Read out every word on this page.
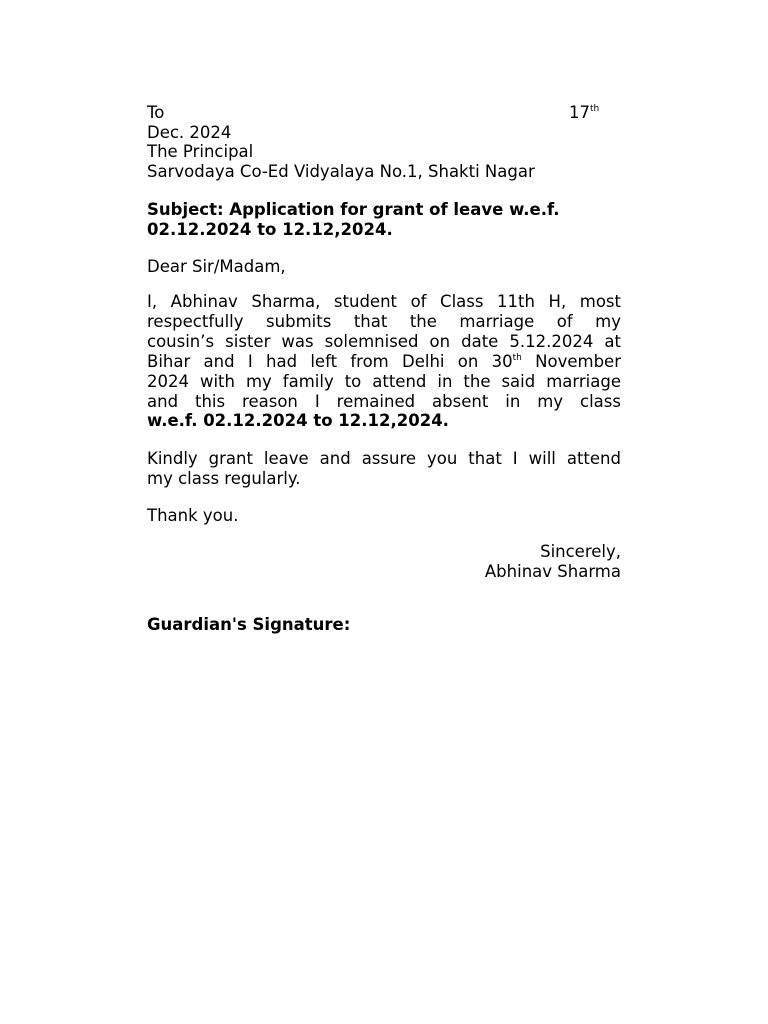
To	17th
Dec. 2024
The Principal
Sarvodaya Co-Ed Vidyalaya No.1, Shakti Nagar
Subject: Application for grant of leave w.e.f.
02.12.2024 to 12.12,2024.
Dear Sir/Madam,
I, Abhinav Sharma, student of Class 11th H, most
respectfully submits that the marriage of my
cousin’s sister was solemnised on date 5.12.2024 at
Bihar and I had left from Delhi on 30th November
2024 with my family to attend in the said marriage
and this reason I remained absent in my class
w.e.f. 02.12.2024 to 12.12,2024.
Kindly grant leave and assure you that I will attend
my class regularly.
Thank you.
Sincerely,
Abhinav Sharma
Guardian's Signature:
